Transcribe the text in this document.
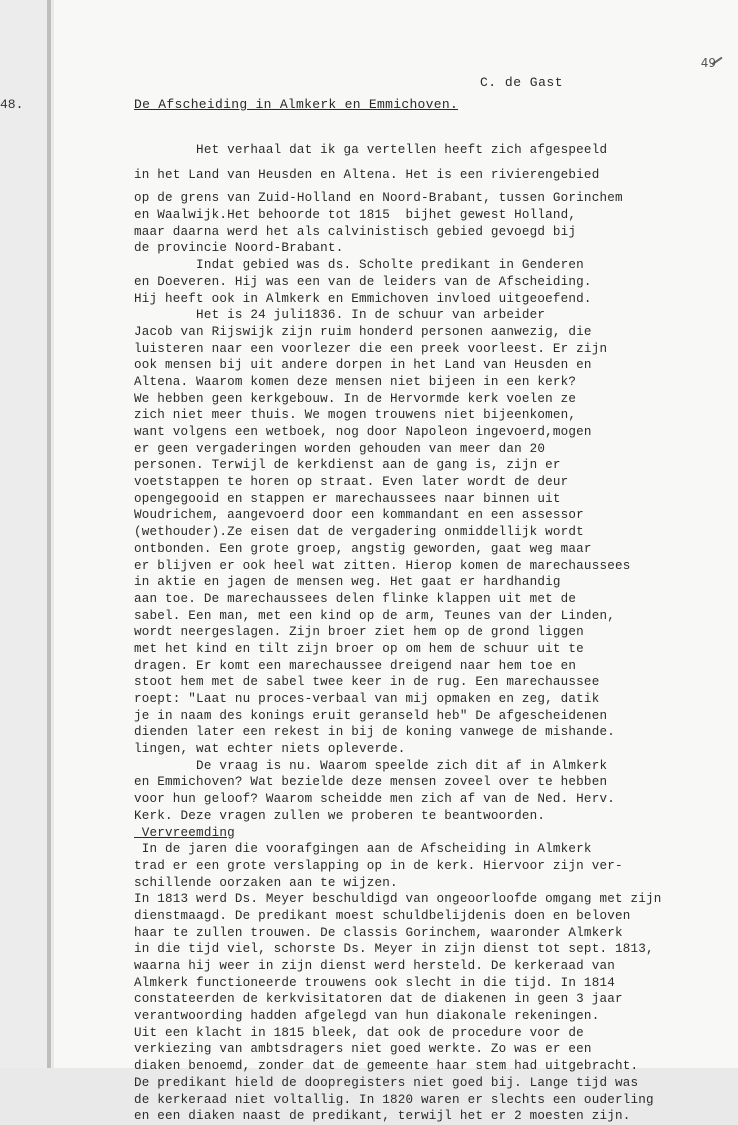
48.
49
C. de Gast
De Afscheiding in Almkerk en Emmichoven.
Het verhaal dat ik ga vertellen heeft zich afgespeeld
in het Land van Heusden en Altena. Het is een rivierengebied
op de grens van Zuid-Holland en Noord-Brabant, tussen Gorinchem
en Waalwijk.Het behoorde tot 1815  bijhet gewest Holland,
maar daarna werd het als calvinistisch gebied gevoegd bij
de provincie Noord-Brabant.
Indat gebied was ds. Scholte predikant in Genderen
en Doeveren. Hij was een van de leiders van de Afscheiding.
Hij heeft ook in Almkerk en Emmichoven invloed uitgeoefend.
Het is 24 juli1836. In de schuur van arbeider
Jacob van Rijswijk zijn ruim honderd personen aanwezig, die
luisteren naar een voorlezer die een preek voorleest. Er zijn
ook mensen bij uit andere dorpen in het Land van Heusden en
Altena. Waarom komen deze mensen niet bijeen in een kerk?
We hebben geen kerkgebouw. In de Hervormde kerk voelen ze
zich niet meer thuis. We mogen trouwens niet bijeenkomen,
want volgens een wetboek, nog door Napoleon ingevoerd,mogen
er geen vergaderingen worden gehouden van meer dan 20
personen. Terwijl de kerkdienst aan de gang is, zijn er
voetstappen te horen op straat. Even later wordt de deur
opengegooid en stappen er marechaussees naar binnen uit
Woudrichem, aangevoerd door een kommandant en een assessor
(wethouder).Ze eisen dat de vergadering onmiddellijk wordt
ontbonden. Een grote groep, angstig geworden, gaat weg maar
er blijven er ook heel wat zitten. Hierop komen de marechaussees
in aktie en jagen de mensen weg. Het gaat er hardhandig
aan toe. De marechaussees delen flinke klappen uit met de
sabel. Een man, met een kind op de arm, Teunes van der Linden,
wordt neergeslagen. Zijn broer ziet hem op de grond liggen
met het kind en tilt zijn broer op om hem de schuur uit te
dragen. Er komt een marechaussee dreigend naar hem toe en
stoot hem met de sabel twee keer in de rug. Een marechaussee
roept: "Laat nu proces-verbaal van mij opmaken en zeg, datik
je in naam des konings eruit geranseld heb" De afgescheidenen
dienden later een rekest in bij de koning vanwege de mishande.
lingen, wat echter niets opleverde.
De vraag is nu. Waarom speelde zich dit af in Almkerk
en Emmichoven? Wat bezielde deze mensen zoveel over te hebben
voor hun geloof? Waarom scheidde men zich af van de Ned. Herv.
Kerk. Deze vragen zullen we proberen te beantwoorden.
Vervreemding
In de jaren die voorafgingen aan de Afscheiding in Almkerk
trad er een grote verslapping op in de kerk. Hiervoor zijn ver-
schillende oorzaken aan te wijzen.
In 1813 werd Ds. Meyer beschuldigd van ongeoorloofde omgang met zijn
dienstmaagd. De predikant moest schuldbelijdenis doen en beloven
haar te zullen trouwen. De classis Gorinchem, waaronder Almkerk
in die tijd viel, schorste Ds. Meyer in zijn dienst tot sept. 1813,
waarna hij weer in zijn dienst werd hersteld. De kerkeraad van
Almkerk functioneerde trouwens ook slecht in die tijd. In 1814
constateerden de kerkvisitatoren dat de diakenen in geen 3 jaar
verantwoording hadden afgelegd van hun diakonale rekeningen.
Uit een klacht in 1815 bleek, dat ook de procedure voor de
verkiezing van ambtsdragers niet goed werkte. Zo was er een
diaken benoemd, zonder dat de gemeente haar stem had uitgebracht.
De predikant hield de doopregisters niet goed bij. Lange tijd was
de kerkeraad niet voltallig. In 1820 waren er slechts een ouderling
en een diaken naast de predikant, terwijl het er 2 moesten zijn.
